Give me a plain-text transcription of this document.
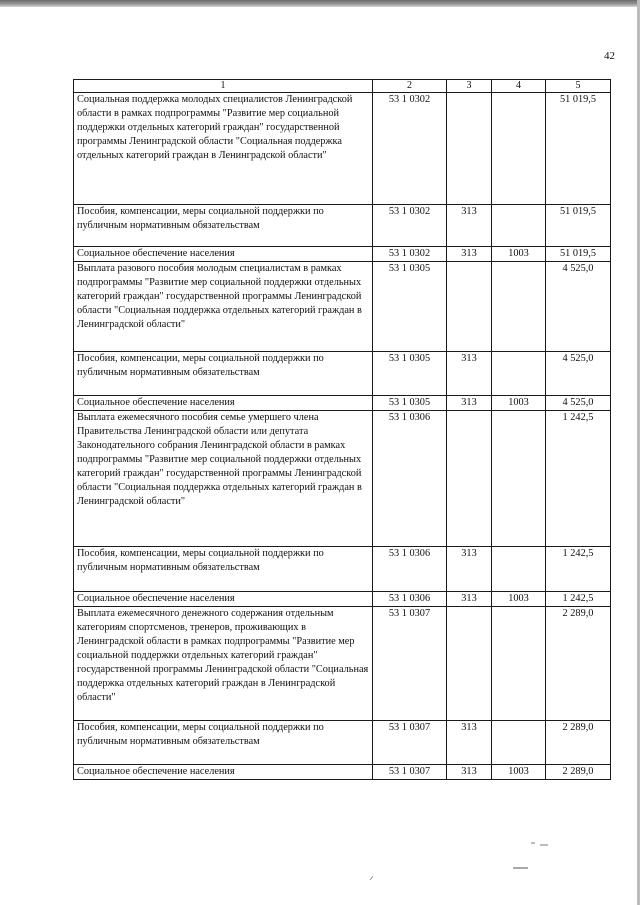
42
1	2	3	4	5
Социальная поддержка молодых специалистов Ленинградской области в рамках подпрограммы "Развитие мер социальной поддержки отдельных категорий граждан" государственной программы Ленинградской области "Социальная поддержка отдельных категорий граждан в Ленинградской области"	53 1 0302			51 019,5
Пособия, компенсации, меры социальной поддержки по публичным нормативным обязательствам	53 1 0302	313		51 019,5
Социальное обеспечение населения	53 1 0302	313	1003	51 019,5
Выплата разового пособия молодым специалистам в рамках подпрограммы "Развитие мер социальной поддержки отдельных категорий граждан" государственной программы Ленинградской области "Социальная поддержка отдельных категорий граждан в Ленинградской области"	53 1 0305			4 525,0
Пособия, компенсации, меры социальной поддержки по публичным нормативным обязательствам	53 1 0305	313		4 525,0
Социальное обеспечение населения	53 1 0305	313	1003	4 525,0
Выплата ежемесячного пособия семье умершего члена Правительства Ленинградской области или депутата Законодательного собрания Ленинградской области в рамках подпрограммы "Развитие мер социальной поддержки отдельных категорий граждан" государственной программы Ленинградской области "Социальная поддержка отдельных категорий граждан в Ленинградской области"	53 1 0306			1 242,5
Пособия, компенсации, меры социальной поддержки по публичным нормативным обязательствам	53 1 0306	313		1 242,5
Социальное обеспечение населения	53 1 0306	313	1003	1 242,5
Выплата ежемесячного денежного содержания отдельным категориям спортсменов, тренеров, проживающих в Ленинградской области в рамках подпрограммы "Развитие мер социальной поддержки отдельных категорий граждан" государственной программы Ленинградской области "Социальная поддержка отдельных категорий граждан в Ленинградской области"	53 1 0307			2 289,0
Пособия, компенсации, меры социальной поддержки по публичным нормативным обязательствам	53 1 0307	313		2 289,0
Социальное обеспечение населения	53 1 0307	313	1003	2 289,0
